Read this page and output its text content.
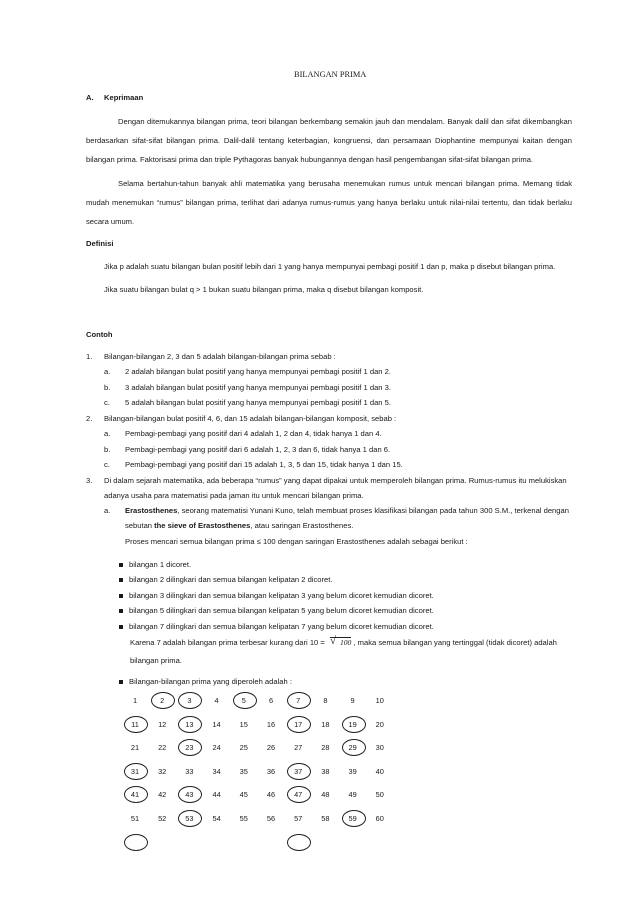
BILANGAN PRIMA
A. Keprimaan
Dengan ditemukannya bilangan prima, teori bilangan berkembang semakin jauh dan mendalam. Banyak dalil dan sifat dikembangkan berdasarkan sifat-sifat bilangan prima. Dalil-dalil tentang keterbagian, kongruensi, dan persamaan Diophantine mempunyai kaitan dengan bilangan prima. Faktorisasi prima dan triple Pythagoras banyak hubungannya dengan hasil pengembangan sifat-sifat bilangan prima.
Selama bertahun-tahun banyak ahli matematika yang berusaha menemukan rumus untuk mencari bilangan prima. Memang tidak mudah menemukan “rumus” bilangan prima, terlihat dari adanya rumus-rumus yang hanya berlaku untuk nilai-nilai tertentu, dan tidak berlaku secara umum.
Definisi
Jika p adalah suatu bilangan bulan positif lebih dari 1 yang hanya mempunyai pembagi positif 1 dan p, maka p disebut bilangan prima.
Jika suatu bilangan bulat q > 1 bukan suatu bilangan prima, maka q disebut bilangan komposit.
Contoh
1. Bilangan-bilangan 2, 3 dan 5 adalah bilangan-bilangan prima sebab :
a. 2 adalah bilangan bulat positif yang hanya mempunyai pembagi positif 1 dan 2.
b. 3 adalah bilangan bulat positif yang hanya mempunyai pembagi positif 1 dan 3.
c. 5 adalah bilangan bulat positif yang hanya mempunyai pembagi positif 1 dan 5.
2. Bilangan-bilangan bulat positif 4, 6, dan 15 adalah bilangan-bilangan komposit, sebab :
a. Pembagi-pembagi yang positif dari 4 adalah 1, 2 dan 4, tidak hanya 1 dan 4.
b. Pembagi-pembagi yang positif dari 6 adalah 1, 2, 3 dan 6, tidak hanya 1 dan 6.
c. Pembagi-pembagi yang positif dari 15 adalah 1, 3, 5 dan 15, tidak hanya 1 dan 15.
3. Di dalam sejarah matematika, ada beberapa “rumus” yang dapat dipakai untuk memperoleh bilangan prima. Rumus-rumus itu melukiskan
adanya usaha para matematisi pada jaman itu untuk mencari bilangan prima.
a. Erastosthenes, seorang matematisi Yunani Kuno, telah membuat proses klasifikasi bilangan pada tahun 300 S.M., terkenal dengan
sebutan the sieve of Erastosthenes, atau saringan Erastosthenes.
Proses mencari semua bilangan prima ≤ 100 dengan saringan Erastosthenes adalah sebagai berikut :
bilangan 1 dicoret.
bilangan 2 dilingkari dan semua bilangan kelipatan 2 dicoret.
bilangan 3 dilingkari dan semua bilangan kelipatan 3 yang belum dicoret kemudian dicoret.
bilangan 5 dilingkari dan semua bilangan kelipatan 5 yang belum dicoret kemudian dicoret.
bilangan 7 dilingkari dan semua bilangan kelipatan 7 yang belum dicoret kemudian dicoret.
Karena 7 adalah bilangan prima terbesar kurang dari 10 = √ 100 , maka semua bilangan yang tertinggal (tidak dicoret) adalah
bilangan prima.
Bilangan-bilangan prima yang diperoleh adalah :
1	2	3	4	5	6	7	8	9	10
11	12	13	14	15	16	17	18	19	20
21	22	23	24	25	26	27	28	29	30
31	32	33	34	35	36	37	38	39	40
41	42	43	44	45	46	47	48	49	50
51	52	53	54	55	56	57	58	59	60
